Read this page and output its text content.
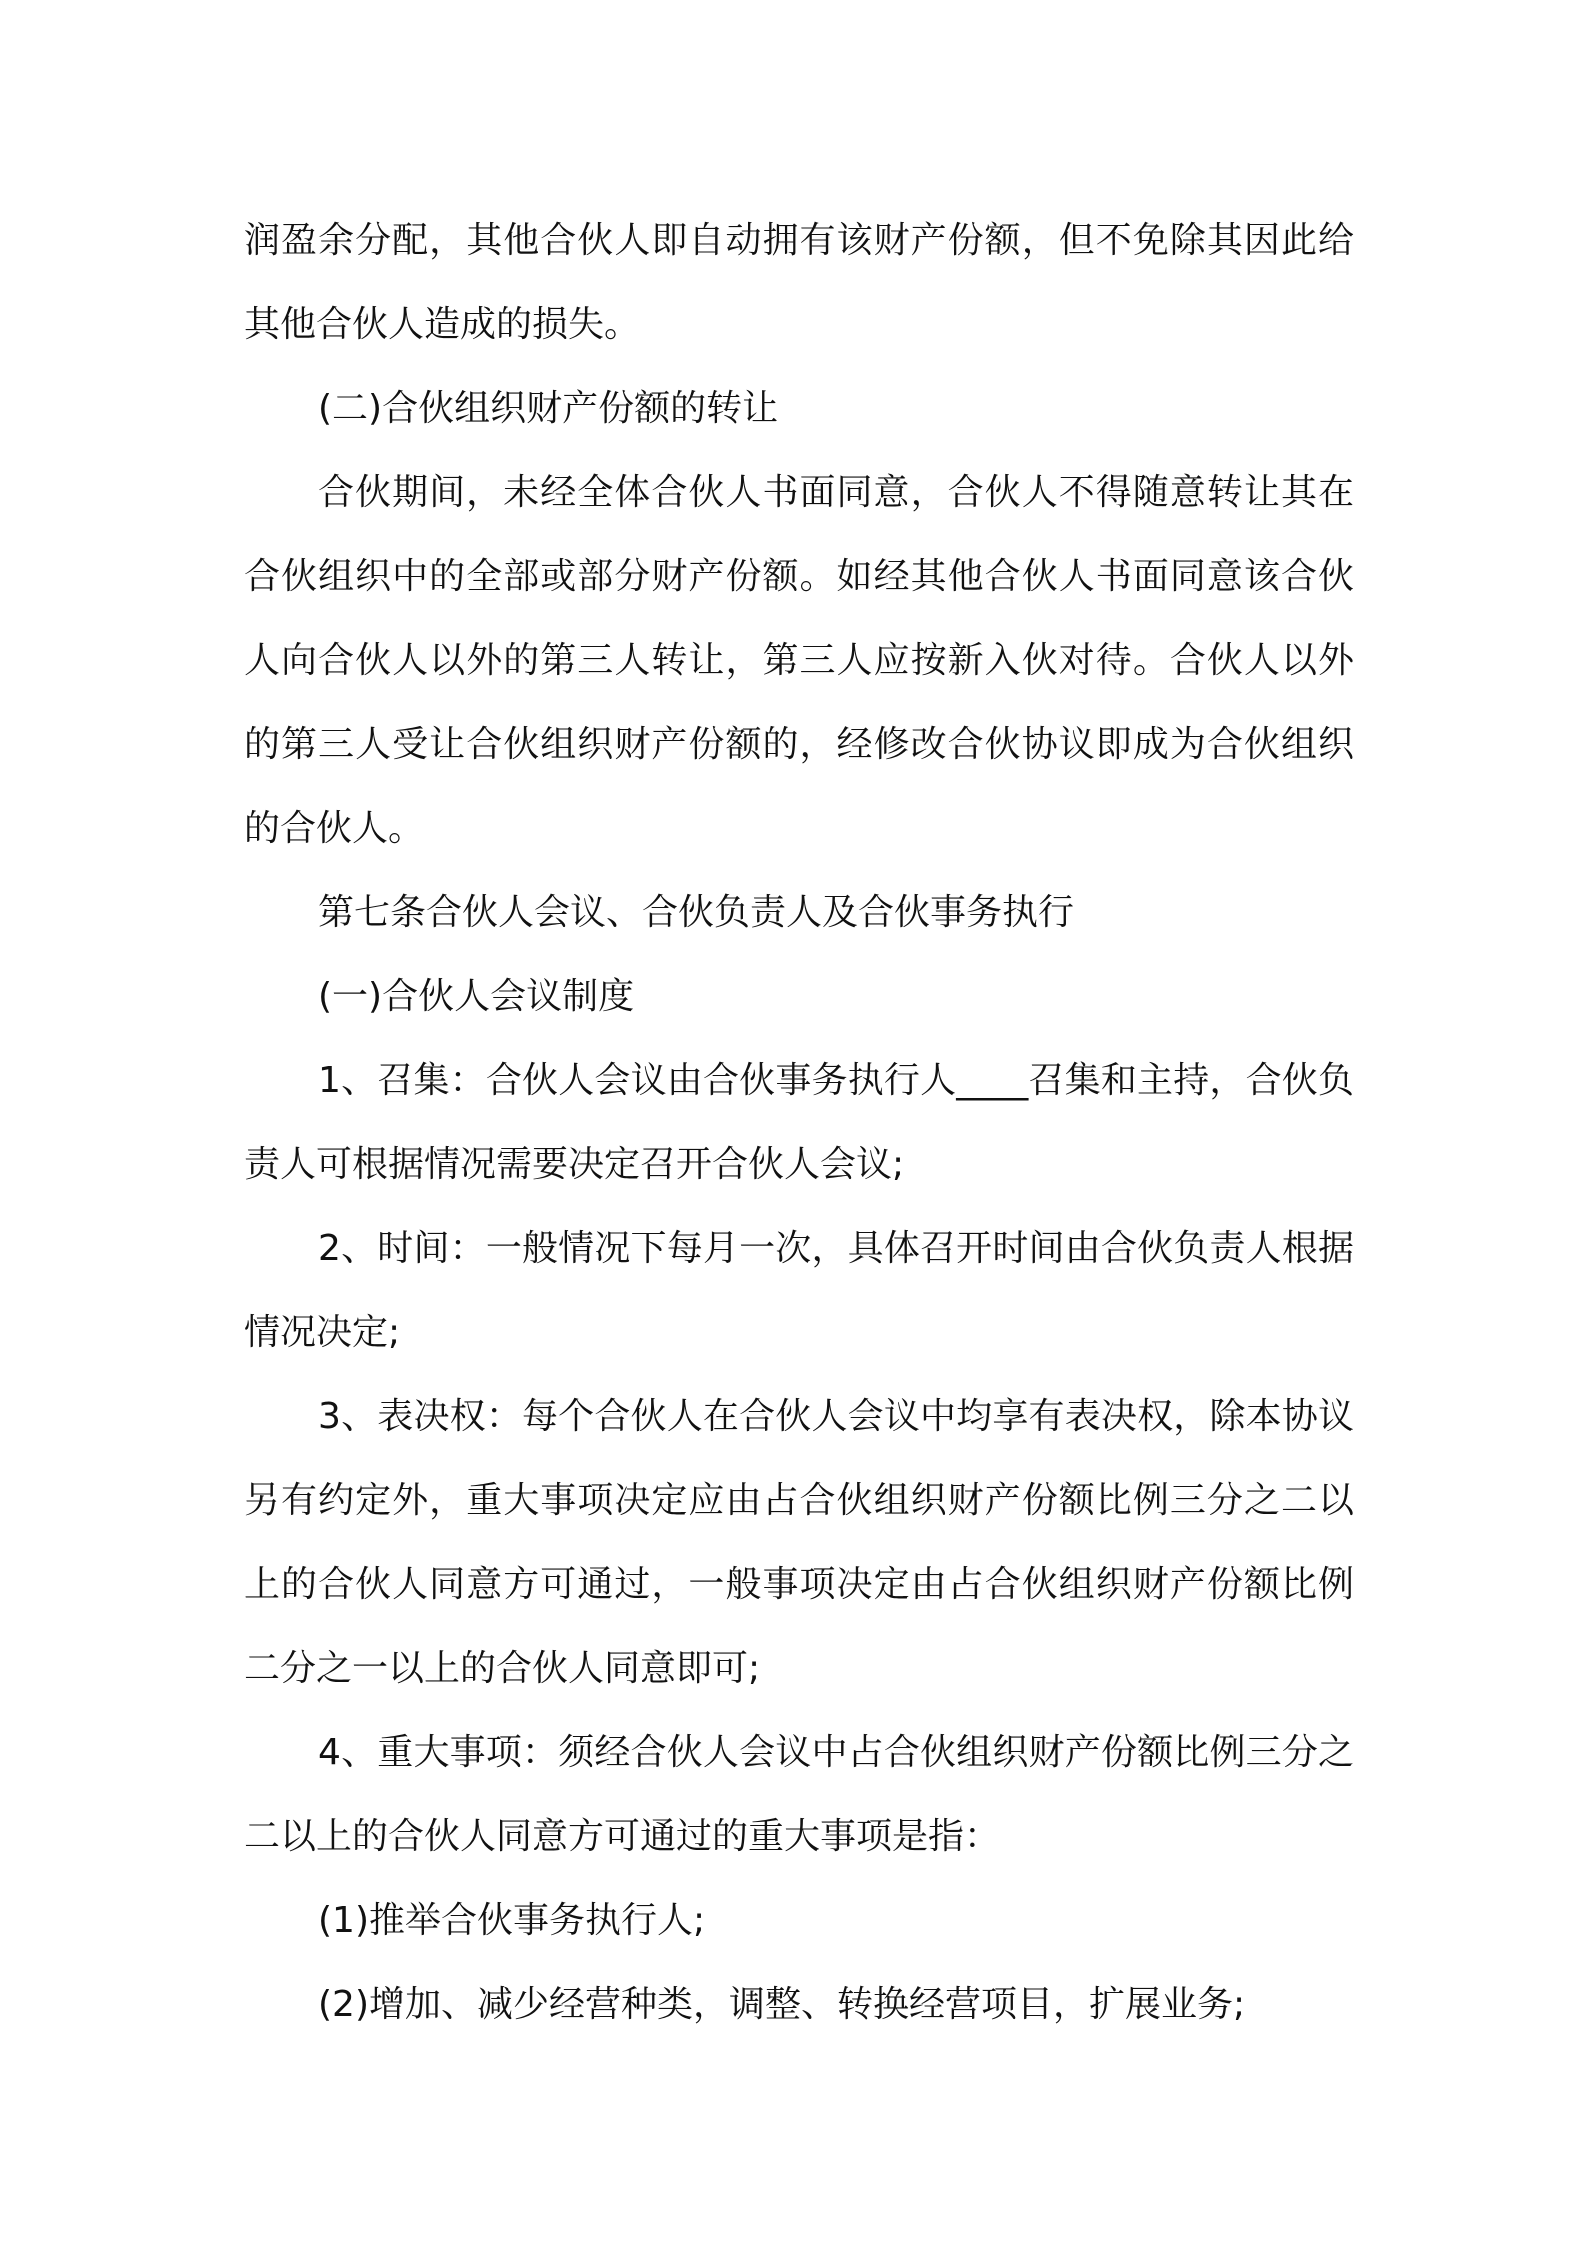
润盈余分配，其他合伙人即自动拥有该财产份额，但不免除其因此给其他合伙人造成的损失。

(二)合伙组织财产份额的转让

合伙期间，未经全体合伙人书面同意，合伙人不得随意转让其在合伙组织中的全部或部分财产份额。如经其他合伙人书面同意该合伙人向合伙人以外的第三人转让，第三人应按新入伙对待。合伙人以外的第三人受让合伙组织财产份额的，经修改合伙协议即成为合伙组织的合伙人。

第七条合伙人会议、合伙负责人及合伙事务执行

(一)合伙人会议制度

1、召集：合伙人会议由合伙事务执行人____召集和主持，合伙负责人可根据情况需要决定召开合伙人会议;

2、时间：一般情况下每月一次，具体召开时间由合伙负责人根据情况决定;

3、表决权：每个合伙人在合伙人会议中均享有表决权，除本协议另有约定外，重大事项决定应由占合伙组织财产份额比例三分之二以上的合伙人同意方可通过，一般事项决定由占合伙组织财产份额比例二分之一以上的合伙人同意即可;

4、重大事项：须经合伙人会议中占合伙组织财产份额比例三分之二以上的合伙人同意方可通过的重大事项是指：

(1)推举合伙事务执行人;

(2)增加、减少经营种类，调整、转换经营项目，扩展业务;
